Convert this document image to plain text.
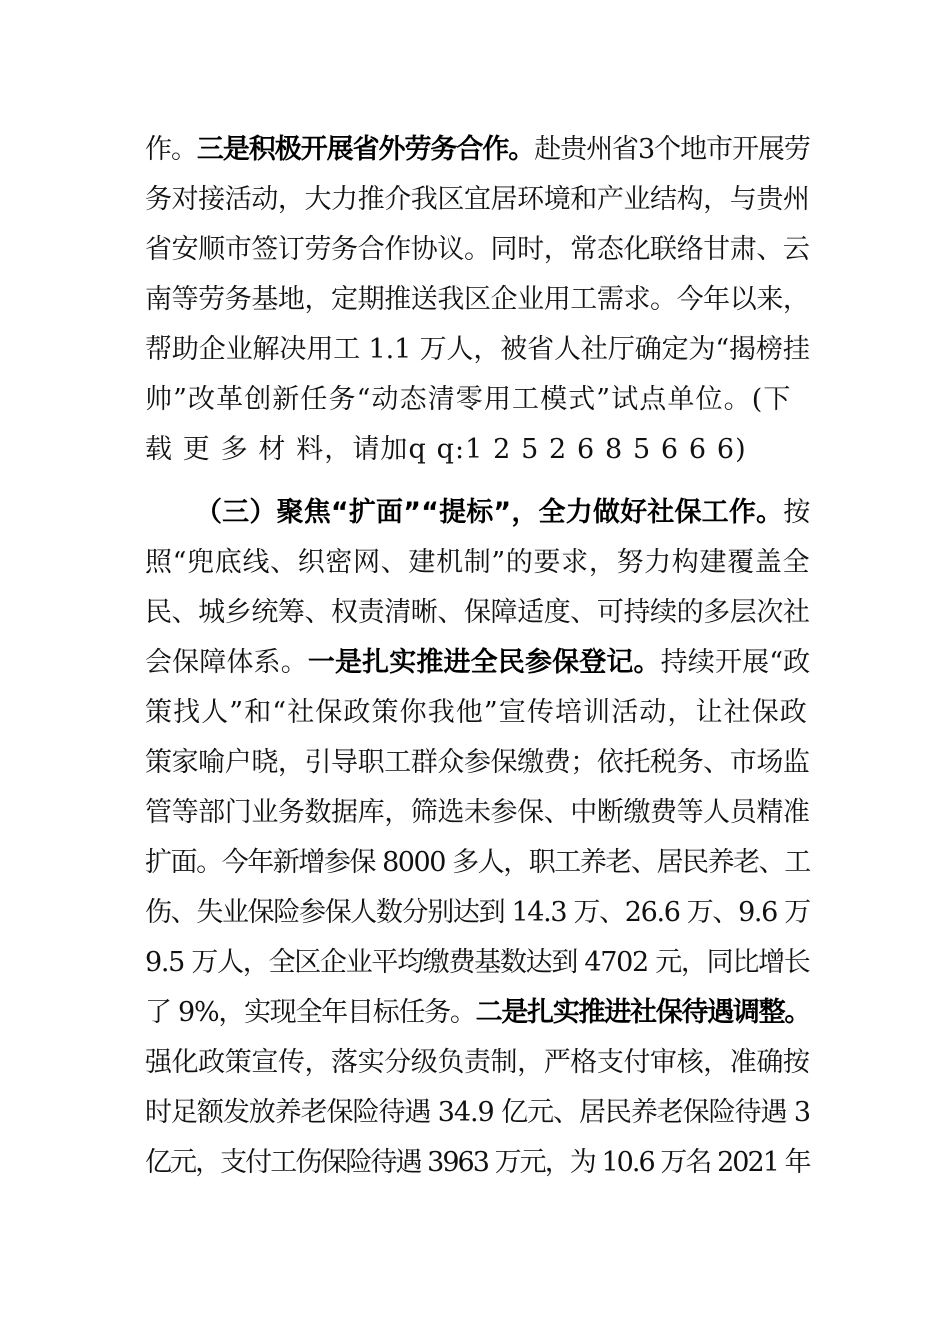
作。三是积极开展省外劳务合作。赴贵州省3个地市开展劳
务对接活动，大力推介我区宜居环境和产业结构，与贵州
省安顺市签订劳务合作协议。同时，常态化联络甘肃、云
南等劳务基地，定期推送我区企业用工需求。今年以来，
帮助企业解决用工 1.1 万人，被省人社厅确定为“揭榜挂
帅”改革创新任务“动态清零用工模式”试点单位。(下
载 更 多 材 料，请加q q:1 2 5 2 6 8 5 6 6 6)
（三）聚焦“扩面”“提标”，全力做好社保工作。按
照“兜底线、织密网、建机制”的要求，努力构建覆盖全
民、城乡统筹、权责清晰、保障适度、可持续的多层次社
会保障体系。一是扎实推进全民参保登记。持续开展“政
策找人”和“社保政策你我他”宣传培训活动，让社保政
策家喻户晓，引导职工群众参保缴费；依托税务、市场监
管等部门业务数据库，筛选未参保、中断缴费等人员精准
扩面。今年新增参保 8000 多人，职工养老、居民养老、工
伤、失业保险参保人数分别达到 14.3 万、26.6 万、9.6 万
9.5 万人，全区企业平均缴费基数达到 4702 元，同比增长
了 9%，实现全年目标任务。二是扎实推进社保待遇调整。
强化政策宣传，落实分级负责制，严格支付审核，准确按
时足额发放养老保险待遇 34.9 亿元、居民养老保险待遇 3
亿元，支付工伤保险待遇 3963 万元，为 10.6 万名 2021 年
